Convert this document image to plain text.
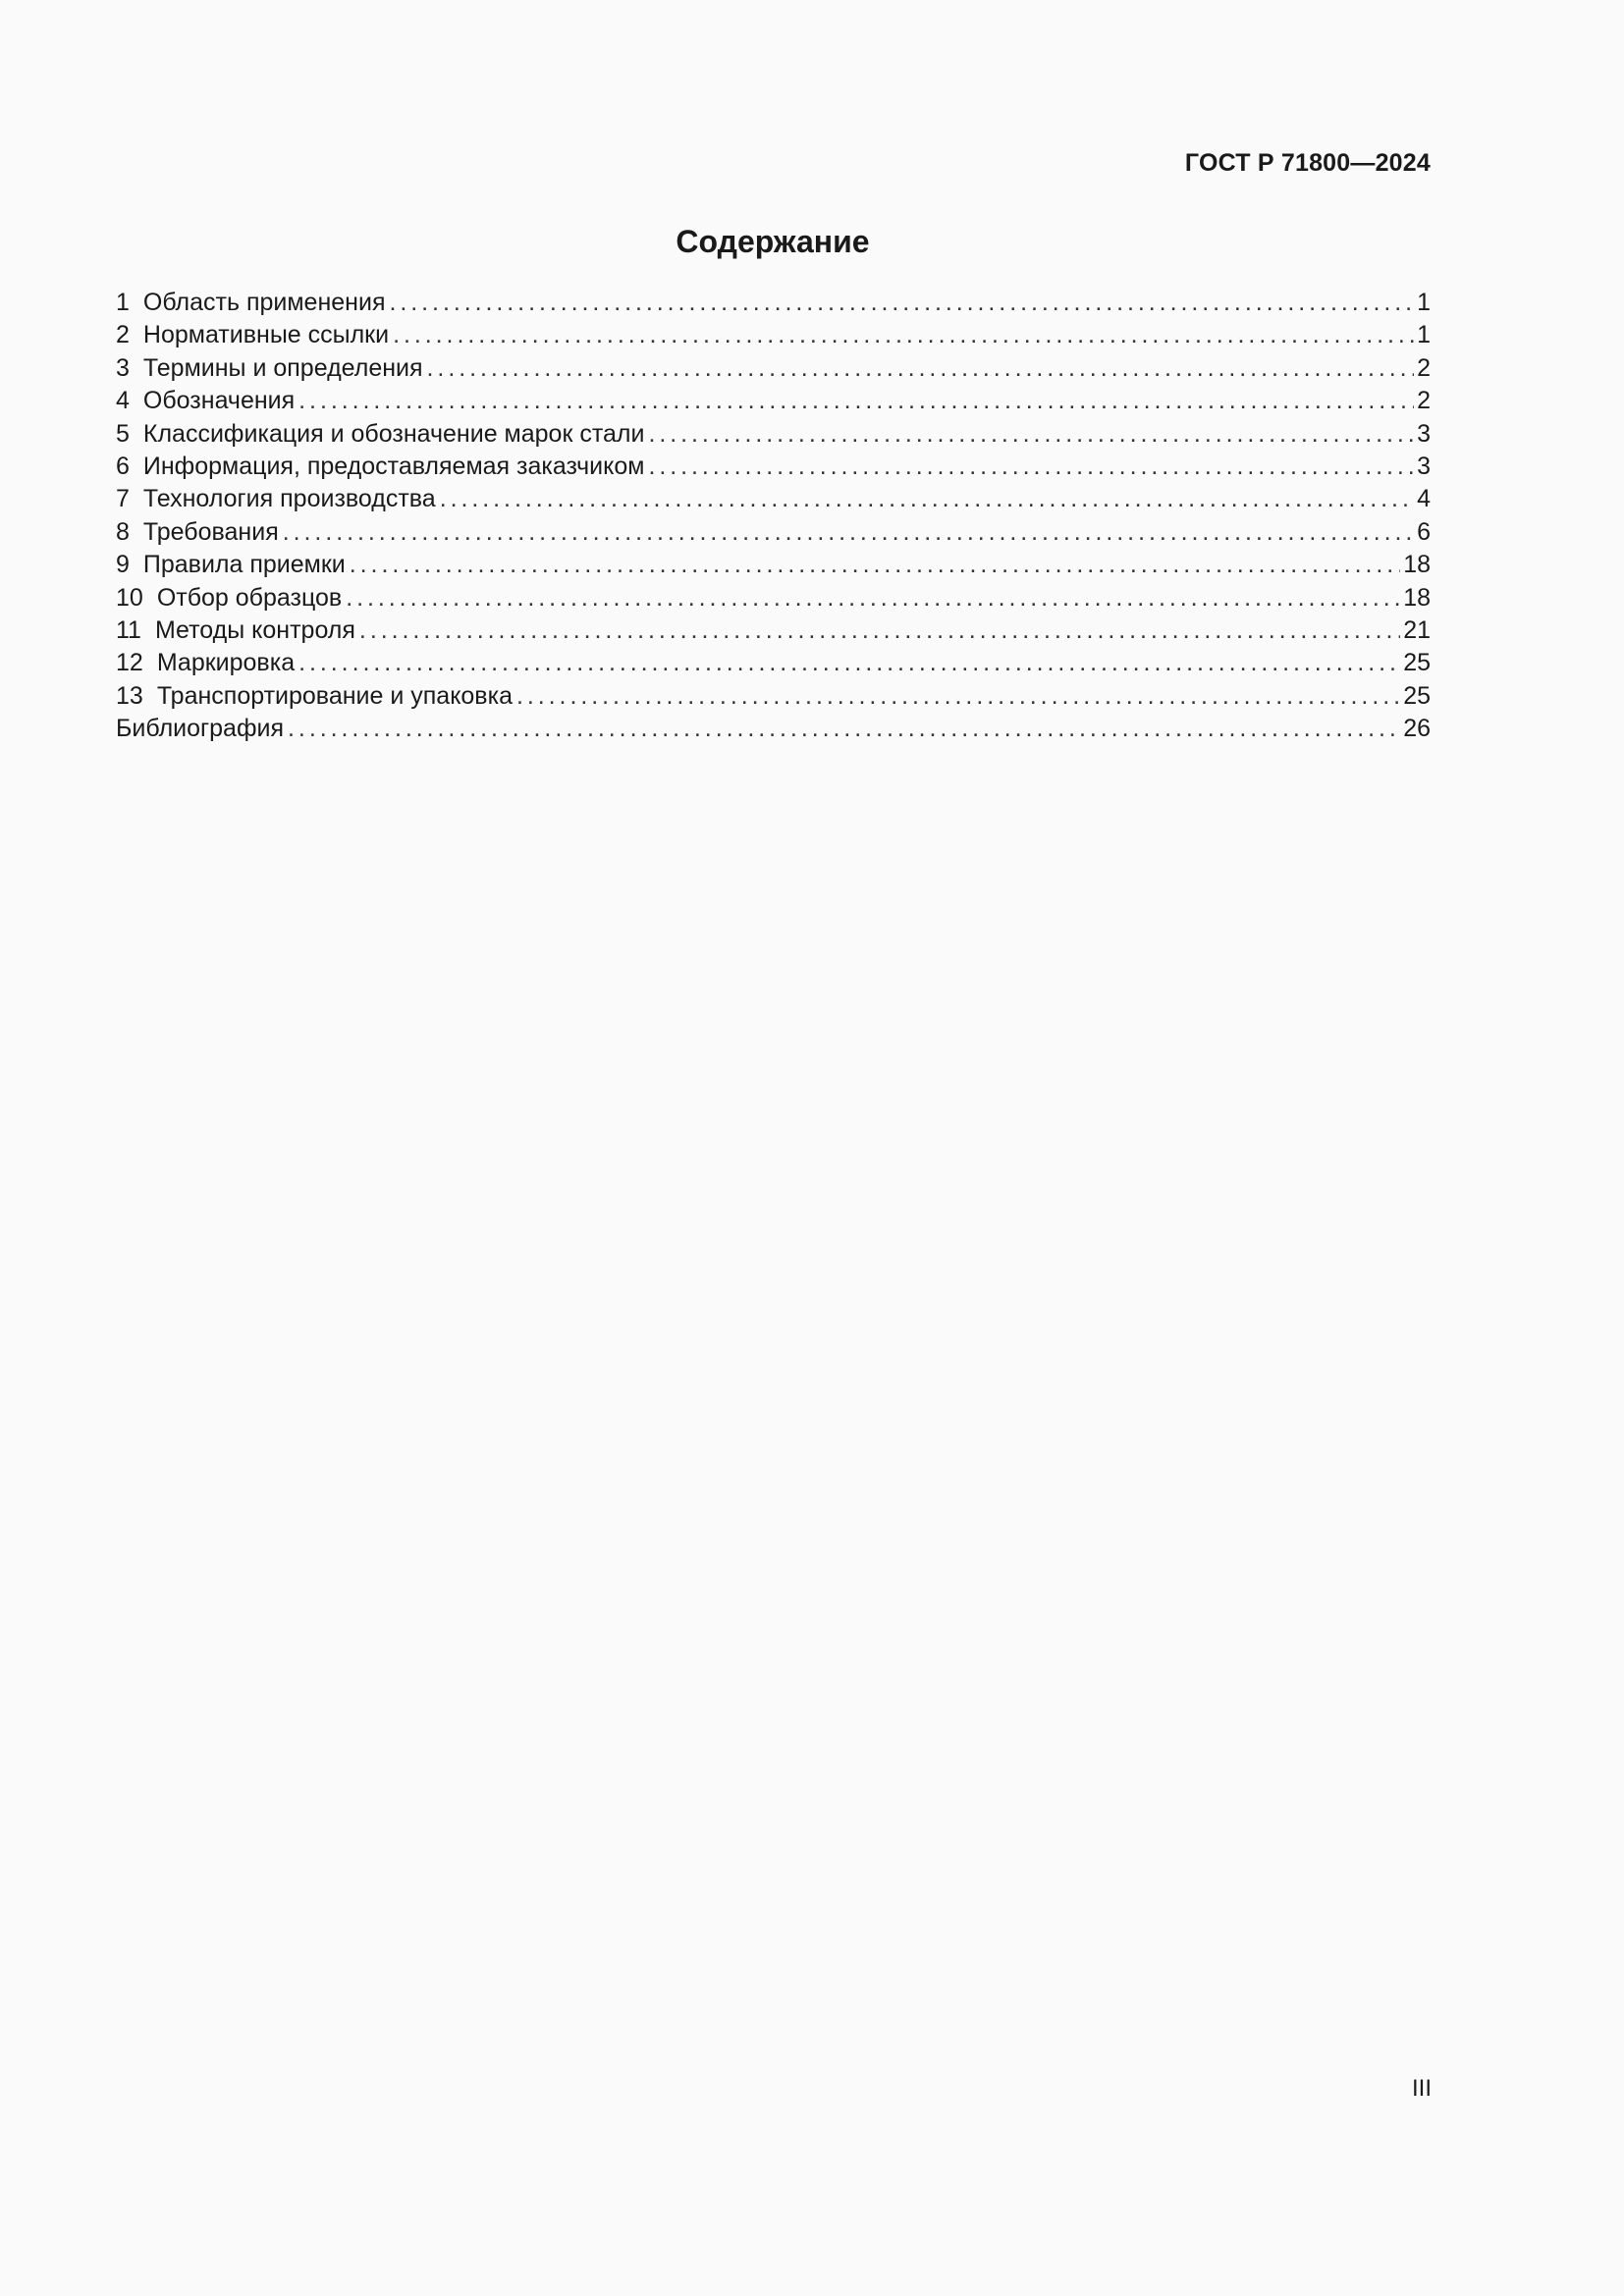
ГОСТ Р 71800—2024
Содержание
1 Область применения . . .	1
2 Нормативные ссылки . . .	1
3 Термины и определения . . .	2
4 Обозначения . . .	2
5 Классификация и обозначение марок стали . . .	3
6 Информация, предоставляемая заказчиком . . .	3
7 Технология производства . . .	4
8 Требования . . .	6
9 Правила приемки . . .	18
10 Отбор образцов . . .	18
11 Методы контроля . . .	21
12 Маркировка . . .	25
13 Транспортирование и упаковка . . .	25
Библиография . . .	26
III
